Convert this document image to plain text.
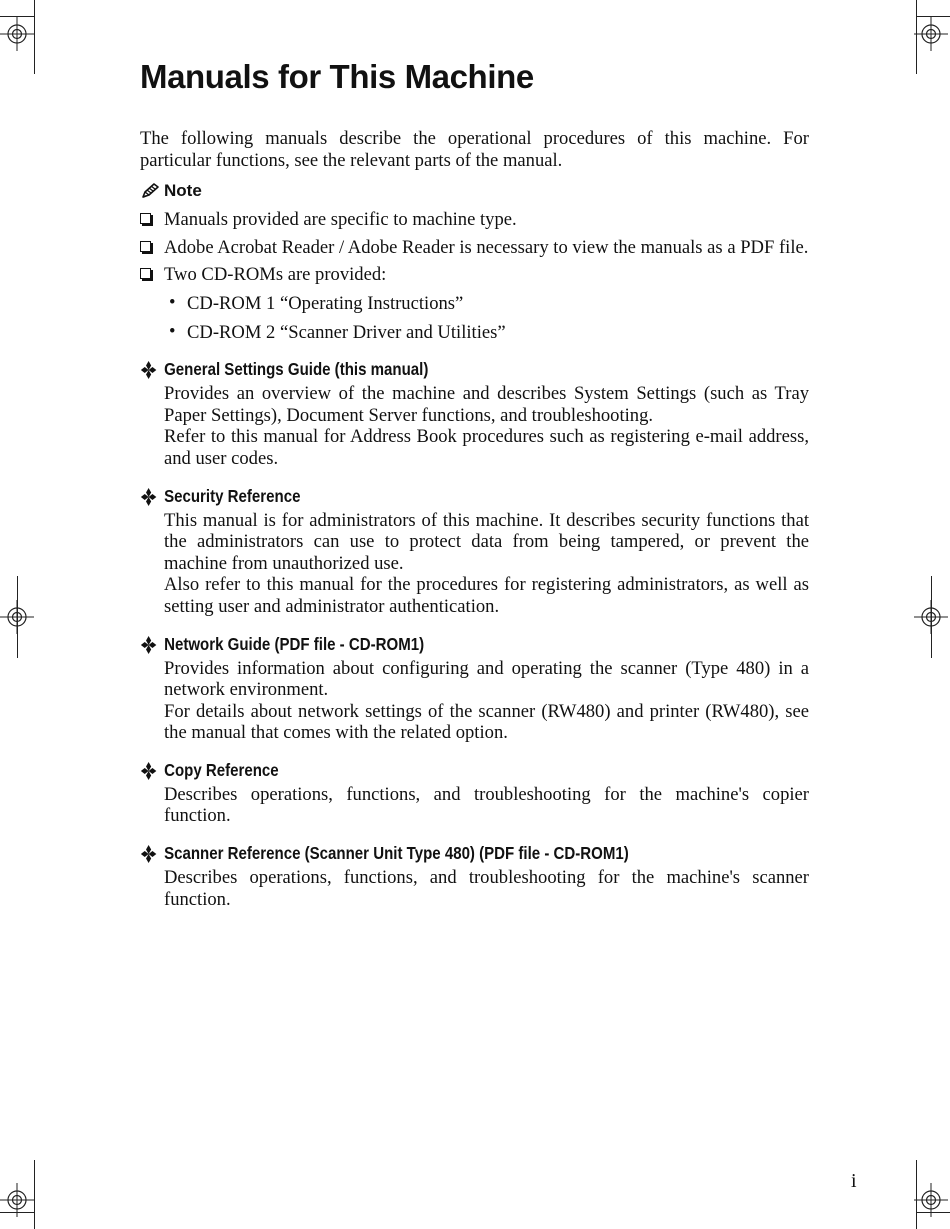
Manuals for This Machine

The following manuals describe the operational procedures of this machine. For particular functions, see the relevant parts of the manual.

Note
Manuals provided are specific to machine type.
Adobe Acrobat Reader / Adobe Reader is necessary to view the manuals as a PDF file.
Two CD-ROMs are provided:
• CD-ROM 1 “Operating Instructions”
• CD-ROM 2 “Scanner Driver and Utilities”
General Settings Guide (this manual)

Provides an overview of the machine and describes System Settings (such as Tray Paper Settings), Document Server functions, and troubleshooting.

Refer to this manual for Address Book procedures such as registering e-mail address, and user codes.

Security Reference

This manual is for administrators of this machine. It describes security functions that the administrators can use to protect data from being tampered, or prevent the machine from unauthorized use.

Also refer to this manual for the procedures for registering administrators, as well as setting user and administrator authentication.

Network Guide (PDF file - CD-ROM1)

Provides information about configuring and operating the scanner (Type 480) in a network environment.

For details about network settings of the scanner (RW480) and printer (RW480), see the manual that comes with the related option.

Copy Reference

Describes operations, functions, and troubleshooting for the machine's copier function.

Scanner Reference (Scanner Unit Type 480) (PDF file - CD-ROM1)

Describes operations, functions, and troubleshooting for the machine's scanner function.

i
